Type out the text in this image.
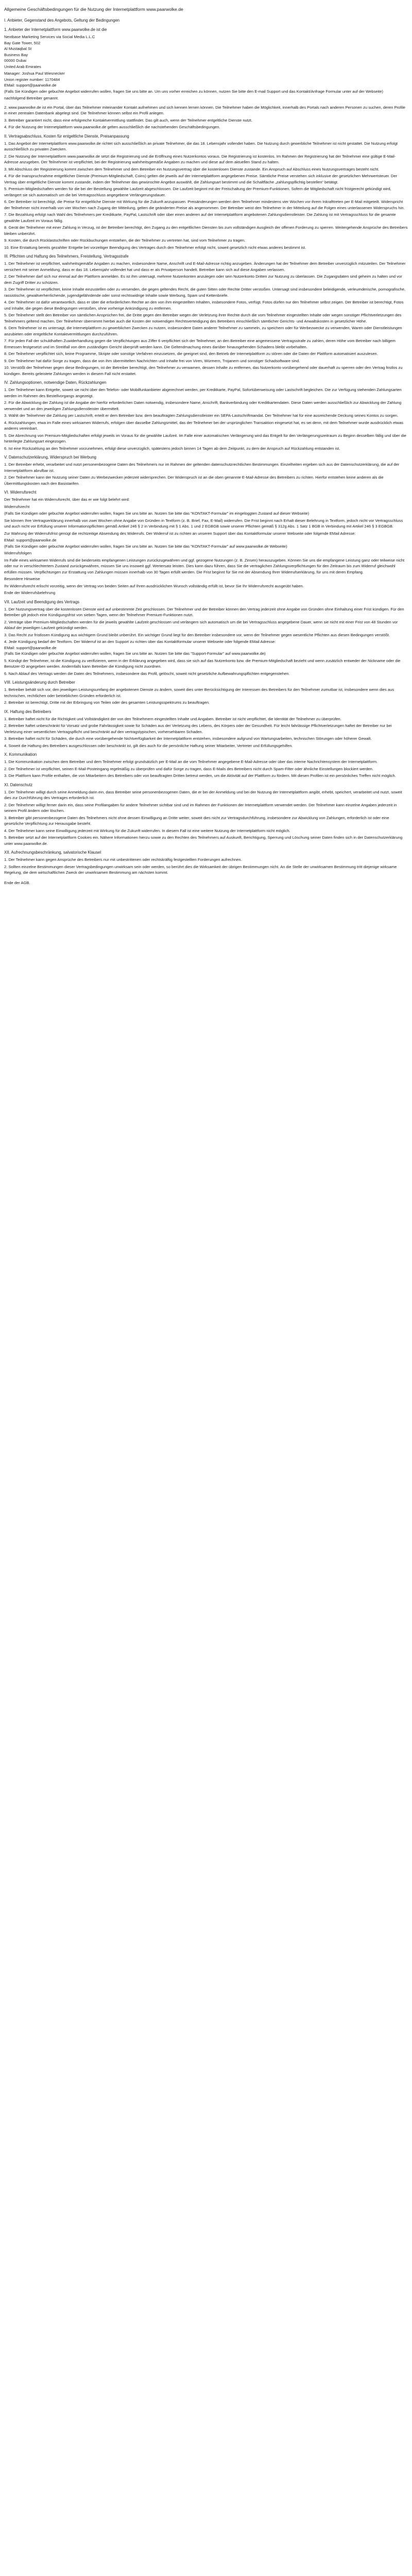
Allgemeine Geschäftsbedingungen für die Nutzung der Internetplattform www.paarwolke.de
I. Anbieter, Gegenstand des Angebots, Geltung der Bedingungen
1. Anbieter der Internetplattform www.paarwolke.de ist die
Nextbase Marketing Services via Social Media L.L.C
Bay Gate Tower, 502
Al Mustaqbal St
Business Bay
00000 Dubai
United Arab Emirates
Manager: Joshua Paul Wiesnecker
Union register number: 1170484
EMail: support@paarwolke.de
(Falls Sie Kündigen oder gebuchte Angebot widerrufen wollen, fragen Sie uns bitte an. Um uns vorher erreichen zu können, nutzen Sie bitte den E-mail Support und das Kontakt/Anfrage Formular unter auf der Webseite)
nachfolgend Betreiber genannt.
2. www.paarwolke.de ist ein Portal, über das Teilnehmer miteinander Kontakt aufnehmen und sich kennen lernen können. Die Teilnehmer haben die Möglichkeit, innerhalb des Portals nach anderen Personen zu suchen, deren Profile in einer zentralen Datenbank abgelegt sind. Die Teilnehmer können selbst ein Profil anlegen.
3. Betreiber garantiert nicht, dass eine erfolgreiche Kontaktvermittlung stattfindet. Das gilt auch, wenn der Teilnehmer entgeltliche Dienste nutzt.
4. Für die Nutzung der Internetplattform www.paarwolke.de gelten ausschließlich die nachstehenden Geschäftsbedingungen.
II. Vertragsabschluss, Kosten für entgeltliche Dienste, Preisanpassung
1. Das Angebot der Internetplattform www.paarwolke.de richtet sich ausschließlich an private Teilnehmer, die das 18. Lebensjahr vollendet haben. Die Nutzung durch gewerbliche Teilnehmer ist nicht gestattet. Die Nutzung erfolgt ausschließlich zu privaten Zwecken.
2. Die Nutzung der Internetplattform www.paarwolke.de setzt die Registrierung und die Eröffnung eines Nutzerkontos voraus. Die Registrierung ist kostenlos. Im Rahmen der Registrierung hat der Teilnehmer eine gültige E-Mail-Adresse anzugeben. Der Teilnehmer ist verpflichtet, bei der Registrierung wahrheitsgemäße Angaben zu machen und diese auf dem aktuellen Stand zu halten.
3. Mit Abschluss der Registrierung kommt zwischen dem Teilnehmer und dem Betreiber ein Nutzungsvertrag über die kostenlosen Dienste zustande. Ein Anspruch auf Abschluss eines Nutzungsvertrages besteht nicht.
4. Für die Inanspruchnahme entgeltlicher Dienste (Premium-Mitgliedschaft, Coins) gelten die jeweils auf der Internetplattform angegebenen Preise. Sämtliche Preise verstehen sich inklusive der gesetzlichen Mehrwertsteuer. Der Vertrag über entgeltliche Dienste kommt zustande, indem der Teilnehmer das gewünschte Angebot auswählt, die Zahlungsart bestimmt und die Schaltfläche „zahlungspflichtig bestellen“ betätigt.
5. Premium-Mitgliedschaften werden für die bei der Bestellung gewählte Laufzeit abgeschlossen. Die Laufzeit beginnt mit der Freischaltung der Premium-Funktionen. Sofern die Mitgliedschaft nicht fristgerecht gekündigt wird, verlängert sie sich automatisch um die bei Vertragsschluss angegebene Verlängerungsdauer.
6. Der Betreiber ist berechtigt, die Preise für entgeltliche Dienste mit Wirkung für die Zukunft anzupassen. Preisänderungen werden dem Teilnehmer mindestens vier Wochen vor ihrem Inkrafttreten per E-Mail mitgeteilt. Widerspricht der Teilnehmer nicht innerhalb von vier Wochen nach Zugang der Mitteilung, gelten die geänderten Preise als angenommen. Der Betreiber weist den Teilnehmer in der Mitteilung auf die Folgen eines unterlassenen Widerspruchs hin.
7. Die Bezahlung erfolgt nach Wahl des Teilnehmers per Kreditkarte, PayPal, Lastschrift oder über einen anderen auf der Internetplattform angebotenen Zahlungsdienstleister. Die Zahlung ist mit Vertragsschluss für die gesamte gewählte Laufzeit im Voraus fällig.
8. Gerät der Teilnehmer mit einer Zahlung in Verzug, ist der Betreiber berechtigt, den Zugang zu den entgeltlichen Diensten bis zum vollständigen Ausgleich der offenen Forderung zu sperren. Weitergehende Ansprüche des Betreibers bleiben unberührt.
9. Kosten, die durch Rücklastschriften oder Rückbuchungen entstehen, die der Teilnehmer zu vertreten hat, sind vom Teilnehmer zu tragen.
10. Eine Erstattung bereits gezahlter Entgelte bei vorzeitiger Beendigung des Vertrages durch den Teilnehmer erfolgt nicht, soweit gesetzlich nicht etwas anderes bestimmt ist.
III. Pflichten und Haftung des Teilnehmers, Freistellung, Vertragsstrafe
1. Der Teilnehmer ist verpflichtet, wahrheitsgemäße Angaben zu machen, insbesondere Name, Anschrift und E-Mail-Adresse richtig anzugeben. Änderungen hat der Teilnehmer dem Betreiber unverzüglich mitzuteilen. Der Teilnehmer versichert mit seiner Anmeldung, dass er das 18. Lebensjahr vollendet hat und dass er als Privatperson handelt. Betreiber kann sich auf diese Angaben verlassen.
2. Der Teilnehmer darf sich nur einmal auf der Plattform anmelden. Es ist ihm untersagt, mehrere Nutzerkonten anzulegen oder sein Nutzerkonto Dritten zur Nutzung zu überlassen. Die Zugangsdaten sind geheim zu halten und vor dem Zugriff Dritter zu schützen.
3. Der Teilnehmer ist verpflichtet, keine Inhalte einzustellen oder zu versenden, die gegen geltendes Recht, die guten Sitten oder Rechte Dritter verstoßen. Untersagt sind insbesondere beleidigende, verleumderische, pornografische, rassistische, gewaltverherrlichende, jugendgefährdende oder sonst rechtswidrige Inhalte sowie Werbung, Spam und Kettenbriefe.
4. Der Teilnehmer ist dafür verantwortlich, dass er über die erforderlichen Rechte an den von ihm eingestellten Inhalten, insbesondere Fotos, verfügt. Fotos dürfen nur den Teilnehmer selbst zeigen. Der Betreiber ist berechtigt, Fotos und Inhalte, die gegen diese Bedingungen verstoßen, ohne vorherige Ankündigung zu entfernen.
5. Der Teilnehmer stellt den Betreiber von sämtlichen Ansprüchen frei, die Dritte gegen den Betreiber wegen der Verletzung ihrer Rechte durch die vom Teilnehmer eingestellten Inhalte oder wegen sonstiger Pflichtverletzungen des Teilnehmers geltend machen. Der Teilnehmer übernimmt hierbei auch die Kosten der notwendigen Rechtsverteidigung des Betreibers einschließlich sämtlicher Gerichts- und Anwaltskosten in gesetzlicher Höhe.
6. Dem Teilnehmer ist es untersagt, die Internetplattform zu gewerblichen Zwecken zu nutzen, insbesondere Daten anderer Teilnehmer zu sammeln, zu speichern oder für Werbezwecke zu verwenden, Waren oder Dienstleistungen anzubieten oder entgeltliche Kontaktvermittlungen durchzuführen.
7. Für jeden Fall der schuldhaften Zuwiderhandlung gegen die Verpflichtungen aus Ziffer 6 verpflichtet sich der Teilnehmer, an den Betreiber eine angemessene Vertragsstrafe zu zahlen, deren Höhe vom Betreiber nach billigem Ermessen festgesetzt und im Streitfall von dem zuständigen Gericht überprüft werden kann. Die Geltendmachung eines darüber hinausgehenden Schadens bleibt vorbehalten.
8. Der Teilnehmer verpflichtet sich, keine Programme, Skripte oder sonstige Verfahren einzusetzen, die geeignet sind, den Betrieb der Internetplattform zu stören oder die Daten der Plattform automatisiert auszulesen.
9. Der Teilnehmer hat dafür Sorge zu tragen, dass die von ihm übermittelten Nachrichten und Inhalte frei von Viren, Würmern, Trojanern und sonstiger Schadsoftware sind.
10. Verstößt der Teilnehmer gegen diese Bedingungen, ist der Betreiber berechtigt, den Teilnehmer zu verwarnen, dessen Inhalte zu entfernen, das Nutzerkonto vorübergehend oder dauerhaft zu sperren oder den Vertrag fristlos zu kündigen. Bereits geleistete Zahlungen werden in diesem Fall nicht erstattet.
IV. Zahlungsoptionen, notwendige Daten, Rückzahlungen
1. Der Teilnehmer kann Entgelte, soweit sie nicht über den Telefon- oder Mobilfunkanbieter abgerechnet werden, per Kreditkarte, PayPal, Sofortüberweisung oder Lastschrift begleichen. Die zur Verfügung stehenden Zahlungsarten werden im Rahmen des Bestellvorgangs angezeigt.
2. Für die Abwicklung der Zahlung ist die Angabe der hierfür erforderlichen Daten notwendig, insbesondere Name, Anschrift, Bankverbindung oder Kreditkartendaten. Diese Daten werden ausschließlich zur Abwicklung der Zahlung verwendet und an den jeweiligen Zahlungsdienstleister übermittelt.
3. Wählt der Teilnehmer die Zahlung per Lastschrift, erteilt er dem Betreiber bzw. dem beauftragten Zahlungsdienstleister ein SEPA-Lastschriftmandat. Der Teilnehmer hat für eine ausreichende Deckung seines Kontos zu sorgen.
4. Rückzahlungen, etwa im Falle eines wirksamen Widerrufs, erfolgen über dasselbe Zahlungsmittel, das der Teilnehmer bei der ursprünglichen Transaktion eingesetzt hat, es sei denn, mit dem Teilnehmer wurde ausdrücklich etwas anderes vereinbart.
5. Die Abrechnung von Premium-Mitgliedschaften erfolgt jeweils im Voraus für die gewählte Laufzeit. Im Falle einer automatischen Verlängerung wird das Entgelt für den Verlängerungszeitraum zu Beginn desselben fällig und über die hinterlegte Zahlungsart eingezogen.
6. Ist eine Rückzahlung an den Teilnehmer vorzunehmen, erfolgt diese unverzüglich, spätestens jedoch binnen 14 Tagen ab dem Zeitpunkt, zu dem der Anspruch auf Rückzahlung entstanden ist.
V. Datenschutzerklärung, Widerspruch bei Werbung
1. Der Betreiber erhebt, verarbeitet und nutzt personenbezogene Daten des Teilnehmers nur im Rahmen der geltenden datenschutzrechtlichen Bestimmungen. Einzelheiten ergeben sich aus der Datenschutzerklärung, die auf der Internetplattform abrufbar ist.
2. Der Teilnehmer kann der Nutzung seiner Daten zu Werbezwecken jederzeit widersprechen. Der Widerspruch ist an die oben genannte E-Mail-Adresse des Betreibers zu richten. Hierfür entstehen keine anderen als die Übermittlungskosten nach den Basistarifen.
VI. Widerrufsrecht
Der Teilnehmer hat ein Widerrufsrecht, über das er wie folgt belehrt wird:
Widerrufsrecht
(Falls Sie Kündigen oder gebuchte Angebot widerrufen wollen, fragen Sie uns bitte an. Nutzen Sie bitte das "KONTAKT-Formular" im eingeloggten Zustand auf dieser Webseite)
Sie können Ihre Vertragserklärung innerhalb von zwei Wochen ohne Angabe von Gründen in Textform (z. B. Brief, Fax, E-Mail) widerrufen. Die Frist beginnt nach Erhalt dieser Belehrung in Textform, jedoch nicht vor Vertragsschluss und auch nicht vor Erfüllung unserer Informationspflichten gemäß Artikel 246 § 2 in Verbindung mit § 1 Abs. 1 und 2 EGBGB sowie unserer Pflichten gemäß § 312g Abs. 1 Satz 1 BGB in Verbindung mit Artikel 246 § 3 EGBGB.
Zur Wahrung der Widerrufsfrist genügt die rechtzeitige Absendung des Widerrufs. Der Widerruf ist zu richten an unseren Support über das Kontaktformular unserer Webseite oder folgende EMail Adresse:
EMail: support@paarwolke.de
(Falls Sie Kündigen oder gebuchte Angebot widerrufen wollen, fragen Sie uns bitte an. Nutzen Sie bitte das "KONTAKT-Formular" auf www.paarwolke.de Webseite)
Widerrufsfolgen
Im Falle eines wirksamen Widerrufs sind die beiderseits empfangenen Leistungen zurückzugewähren und ggf. gezogene Nutzungen (z. B. Zinsen) herauszugeben. Können Sie uns die empfangene Leistung ganz oder teilweise nicht oder nur in verschlechtertem Zustand zurückgewähren, müssen Sie uns insoweit ggf. Wertersatz leisten. Dies kann dazu führen, dass Sie die vertraglichen Zahlungsverpflichtungen für den Zeitraum bis zum Widerruf gleichwohl erfüllen müssen. Verpflichtungen zur Erstattung von Zahlungen müssen innerhalb von 30 Tagen erfüllt werden. Die Frist beginnt für Sie mit der Absendung Ihrer Widerrufserklärung, für uns mit deren Empfang.
Besondere Hinweise
Ihr Widerrufsrecht erlischt vorzeitig, wenn der Vertrag von beiden Seiten auf Ihren ausdrücklichen Wunsch vollständig erfüllt ist, bevor Sie Ihr Widerrufsrecht ausgeübt haben.
Ende der Widerrufsbelehrung
VII. Laufzeit und Beendigung des Vertrags
1. Der Nutzungsvertrag über die kostenlosen Dienste wird auf unbestimmte Zeit geschlossen. Der Teilnehmer und der Betreiber können den Vertrag jederzeit ohne Angabe von Gründen ohne Einhaltung einer Frist kündigen. Für den Betreiber gilt jedoch eine Kündigungsfrist von sieben Tagen, wenn der Teilnehmer Premium-Funktionen nutzt.
2. Verträge über Premium-Mitgliedschaften werden für die jeweils gewählte Laufzeit geschlossen und verlängern sich automatisch um die bei Vertragsschluss angegebene Dauer, wenn sie nicht mit einer Frist von 48 Stunden vor Ablauf der jeweiligen Laufzeit gekündigt werden.
3. Das Recht zur fristlosen Kündigung aus wichtigem Grund bleibt unberührt. Ein wichtiger Grund liegt für den Betreiber insbesondere vor, wenn der Teilnehmer gegen wesentliche Pflichten aus diesen Bedingungen verstößt.
4. Jede Kündigung bedarf der Textform. Der Widerruf ist an den Support zu richten über das Kontaktformular unserer Webseite oder folgende EMail Adresse:
EMail: support@paarwolke.de
(Falls Sie Kündigen oder gebuchte Angebot widerrufen wollen, fragen Sie uns bitte an. Nutzen Sie bitte das "Support-Formular" auf www.paarwolke.de)
5. Kündigt der Teilnehmer, ist die Kündigung zu verifizieren, wenn in der Erklärung angegeben wird, dass sie sich auf das Nutzerkonto bzw. die Premium-Mitgliedschaft bezieht und wenn zusätzlich entweder der Nickname oder die Benutzer-ID angegeben werden. Andernfalls kann Betreiber die Kündigung nicht zuordnen.
6. Nach Ablauf des Vertrags werden die Daten des Teilnehmers, insbesondere das Profil, gelöscht, soweit nicht gesetzliche Aufbewahrungspflichten entgegenstehen.
VIII. Leistungsänderung durch Betreiber
1. Betreiber behält sich vor, den jeweiligen Leistungsumfang der angebotenen Dienste zu ändern, soweit dies unter Berücksichtigung der Interessen des Betreibers für den Teilnehmer zumutbar ist, insbesondere wenn dies aus technischen, rechtlichen oder betrieblichen Gründen erforderlich ist.
2. Betreiber ist berechtigt, Dritte mit der Erbringung von Teilen oder des gesamten Leistungsspektrums zu beauftragen.
IX. Haftung des Betreibers
1. Betreiber haftet nicht für die Richtigkeit und Vollständigkeit der von den Teilnehmern eingestellten Inhalte und Angaben. Betreiber ist nicht verpflichtet, die Identität der Teilnehmer zu überprüfen.
2. Betreiber haftet unbeschränkt für Vorsatz und grobe Fahrlässigkeit sowie für Schäden aus der Verletzung des Lebens, des Körpers oder der Gesundheit. Für leicht fahrlässige Pflichtverletzungen haftet der Betreiber nur bei Verletzung einer wesentlichen Vertragspflicht und beschränkt auf den vertragstypischen, vorhersehbaren Schaden.
3. Betreiber haftet nicht für Schäden, die durch eine vorübergehende Nichtverfügbarkeit der Internetplattform entstehen, insbesondere aufgrund von Wartungsarbeiten, technischen Störungen oder höherer Gewalt.
4. Soweit die Haftung des Betreibers ausgeschlossen oder beschränkt ist, gilt dies auch für die persönliche Haftung seiner Mitarbeiter, Vertreter und Erfüllungsgehilfen.
X. Kommunikation
1. Die Kommunikation zwischen dem Betreiber und dem Teilnehmer erfolgt grundsätzlich per E-Mail an die vom Teilnehmer angegebene E-Mail-Adresse oder über das interne Nachrichtensystem der Internetplattform.
2. Der Teilnehmer ist verpflichtet, seinen E-Mail-Posteingang regelmäßig zu überprüfen und dafür Sorge zu tragen, dass E-Mails des Betreibers nicht durch Spam-Filter oder ähnliche Einstellungen blockiert werden.
3. Die Plattform kann Profile enthalten, die von Mitarbeitern des Betreibers oder von beauftragten Dritten betreut werden, um die Aktivität auf der Plattform zu fördern. Mit diesen Profilen ist ein persönliches Treffen nicht möglich.
XI. Datenschutz
1. Der Teilnehmer willigt durch seine Anmeldung darin ein, dass Betreiber seine personenbezogenen Daten, die er bei der Anmeldung und bei der Nutzung der Internetplattform angibt, erhebt, speichert, verarbeitet und nutzt, soweit dies zur Durchführung des Vertrages erforderlich ist.
2. Der Teilnehmer willigt ferner darin ein, dass seine Profilangaben für andere Teilnehmer sichtbar sind und im Rahmen der Funktionen der Internetplattform verwendet werden. Der Teilnehmer kann einzelne Angaben jederzeit in seinem Profil ändern oder löschen.
3. Betreiber gibt personenbezogene Daten des Teilnehmers nicht ohne dessen Einwilligung an Dritte weiter, soweit dies nicht zur Vertragsdurchführung, insbesondere zur Abwicklung von Zahlungen, erforderlich ist oder eine gesetzliche Verpflichtung zur Herausgabe besteht.
4. Der Teilnehmer kann seine Einwilligung jederzeit mit Wirkung für die Zukunft widerrufen. In diesem Fall ist eine weitere Nutzung der Internetplattform nicht möglich.
5. Betreiber setzt auf der Internetplattform Cookies ein. Nähere Informationen hierzu sowie zu den Rechten des Teilnehmers auf Auskunft, Berichtigung, Sperrung und Löschung seiner Daten finden sich in der Datenschutzerklärung unter www.paarwolke.de.
XII. Aufrechnungsbeschränkung, salvatorische Klausel
1. Der Teilnehmer kann gegen Ansprüche des Betreibers nur mit unbestrittenen oder rechtskräftig festgestellten Forderungen aufrechnen.
2. Sollten einzelne Bestimmungen dieser Vertragsbedingungen unwirksam sein oder werden, so berührt dies die Wirksamkeit der übrigen Bestimmungen nicht. An die Stelle der unwirksamen Bestimmung tritt diejenige wirksame Regelung, die dem wirtschaftlichen Zweck der unwirksamen Bestimmung am nächsten kommt.
Ende der AGB.
